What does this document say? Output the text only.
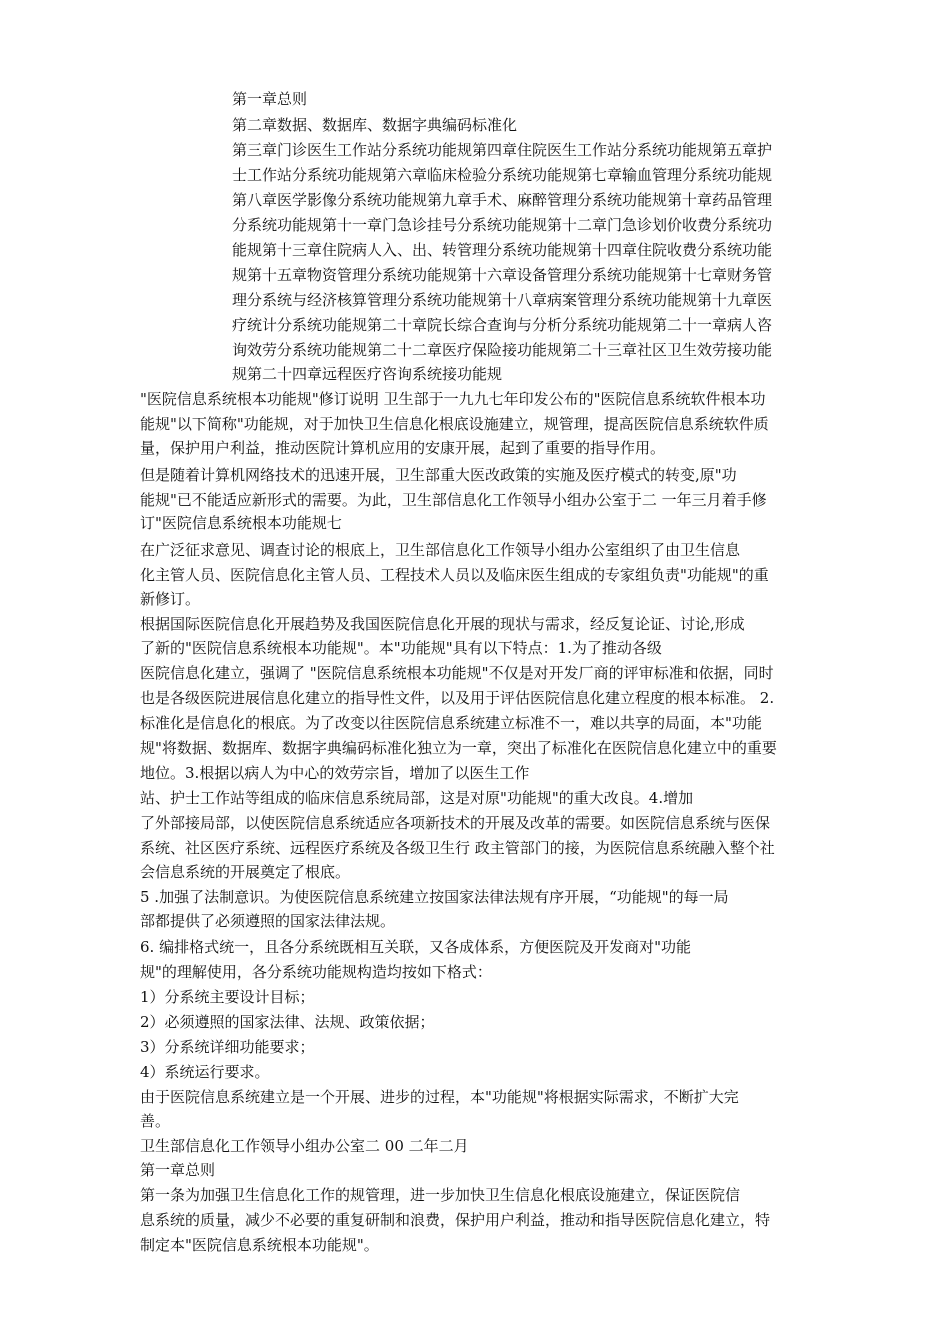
第一章总则
第二章数据、数据库、数据字典编码标准化
第三章门诊医生工作站分系统功能规第四章住院医生工作站分系统功能规第五章护
士工作站分系统功能规第六章临床检验分系统功能规第七章输血管理分系统功能规
第八章医学影像分系统功能规第九章手术、麻醉管理分系统功能规第十章药品管理
分系统功能规第十一章门急诊挂号分系统功能规第十二章门急诊划价收费分系统功
能规第十三章住院病人入、出、转管理分系统功能规第十四章住院收费分系统功能
规第十五章物资管理分系统功能规第十六章设备管理分系统功能规第十七章财务管
理分系统与经济核算管理分系统功能规第十八章病案管理分系统功能规第十九章医
疗统计分系统功能规第二十章院长综合查询与分析分系统功能规第二十一章病人咨
询效劳分系统功能规第二十二章医疗保险接功能规第二十三章社区卫生效劳接功能
规第二十四章远程医疗咨询系统接功能规
"医院信息系统根本功能规"修订说明 卫生部于一九九七年印发公布的"医院信息系统软件根本功
能规"以下简称"功能规，对于加快卫生信息化根底设施建立，规管理，提高医院信息系统软件质
量，保护用户利益，推动医院计算机应用的安康开展，起到了重要的指导作用。
但是随着计算机网络技术的迅速开展，卫生部重大医改政策的实施及医疗模式的转变,原"功
能规"已不能适应新形式的需要。为此，卫生部信息化工作领导小组办公室于二 一年三月着手修
订"医院信息系统根本功能规七
在广泛征求意见、调查讨论的根底上，卫生部信息化工作领导小组办公室组织了由卫生信息
化主管人员、医院信息化主管人员、工程技术人员以及临床医生组成的专家组负责"功能规"的重
新修订。
根据国际医院信息化开展趋势及我国医院信息化开展的现状与需求，经反复论证、讨论,形成
了新的"医院信息系统根本功能规"。本"功能规"具有以下特点：1.为了推动各级
医院信息化建立，强调了 "医院信息系统根本功能规"不仅是对开发厂商的评审标准和依据，同时
也是各级医院进展信息化建立的指导性文件，以及用于评估医院信息化建立程度的根本标准。 2.
标准化是信息化的根底。为了改变以往医院信息系统建立标准不一，难以共享的局面，本"功能
规"将数据、数据库、数据字典编码标准化独立为一章，突出了标准化在医院信息化建立中的重要
地位。3.根据以病人为中心的效劳宗旨，增加了以医生工作
站、护士工作站等组成的临床信息系统局部，这是对原"功能规"的重大改良。4.增加
了外部接局部，以使医院信息系统适应各项新技术的开展及改革的需要。如医院信息系统与医保
系统、社区医疗系统、远程医疗系统及各级卫生行 政主管部门的接，为医院信息系统融入整个社
会信息系统的开展奠定了根底。
5 .加强了法制意识。为使医院信息系统建立按国家法律法规有序开展，“功能规"的每一局
部都提供了必须遵照的国家法律法规。
6. 编排格式统一，且各分系统既相互关联，又各成体系，方便医院及开发商对"功能
规"的理解使用，各分系统功能规构造均按如下格式：
1）分系统主要设计目标；
2）必须遵照的国家法律、法规、政策依据；
3）分系统详细功能要求；
4）系统运行要求。
由于医院信息系统建立是一个开展、进步的过程，本"功能规"将根据实际需求，不断扩大完
善。
卫生部信息化工作领导小组办公室二 00 二年二月
第一章总则
第一条为加强卫生信息化工作的规管理，进一步加快卫生信息化根底设施建立，保证医院信
息系统的质量，减少不必要的重复研制和浪费，保护用户利益，推动和指导医院信息化建立，特
制定本"医院信息系统根本功能规"。
